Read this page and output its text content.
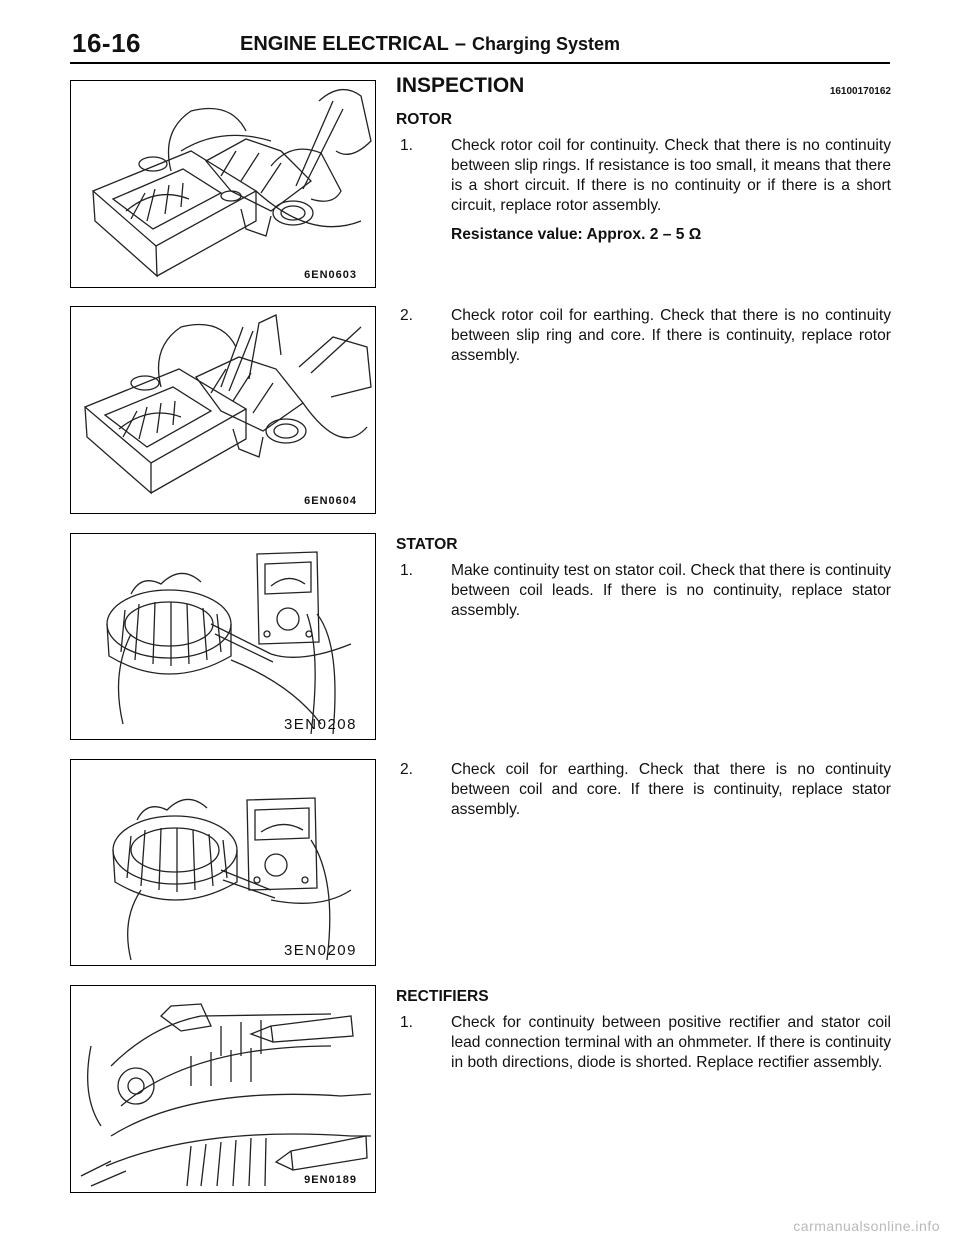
16-16	ENGINE ELECTRICAL – Charging System
6EN0603
6EN0604
3EN0208
3EN0209
9EN0189
INSPECTION	16100170162
ROTOR
1. Check rotor coil for continuity. Check that there is no continuity between slip rings. If resistance is too small, it means that there is a short circuit. If there is no continuity or if there is a short circuit, replace rotor assembly.
Resistance value: Approx. 2 – 5 Ω
2. Check rotor coil for earthing. Check that there is no continuity between slip ring and core. If there is continuity, replace rotor assembly.
STATOR
1. Make continuity test on stator coil. Check that there is continuity between coil leads. If there is no continuity, replace stator assembly.
2. Check coil for earthing. Check that there is no continuity between coil and core. If there is continuity, replace stator assembly.
RECTIFIERS
1. Check for continuity between positive rectifier and stator coil lead connection terminal with an ohmmeter. If there is continuity in both directions, diode is shorted. Replace rectifier assembly.
carmanualsonline.info
